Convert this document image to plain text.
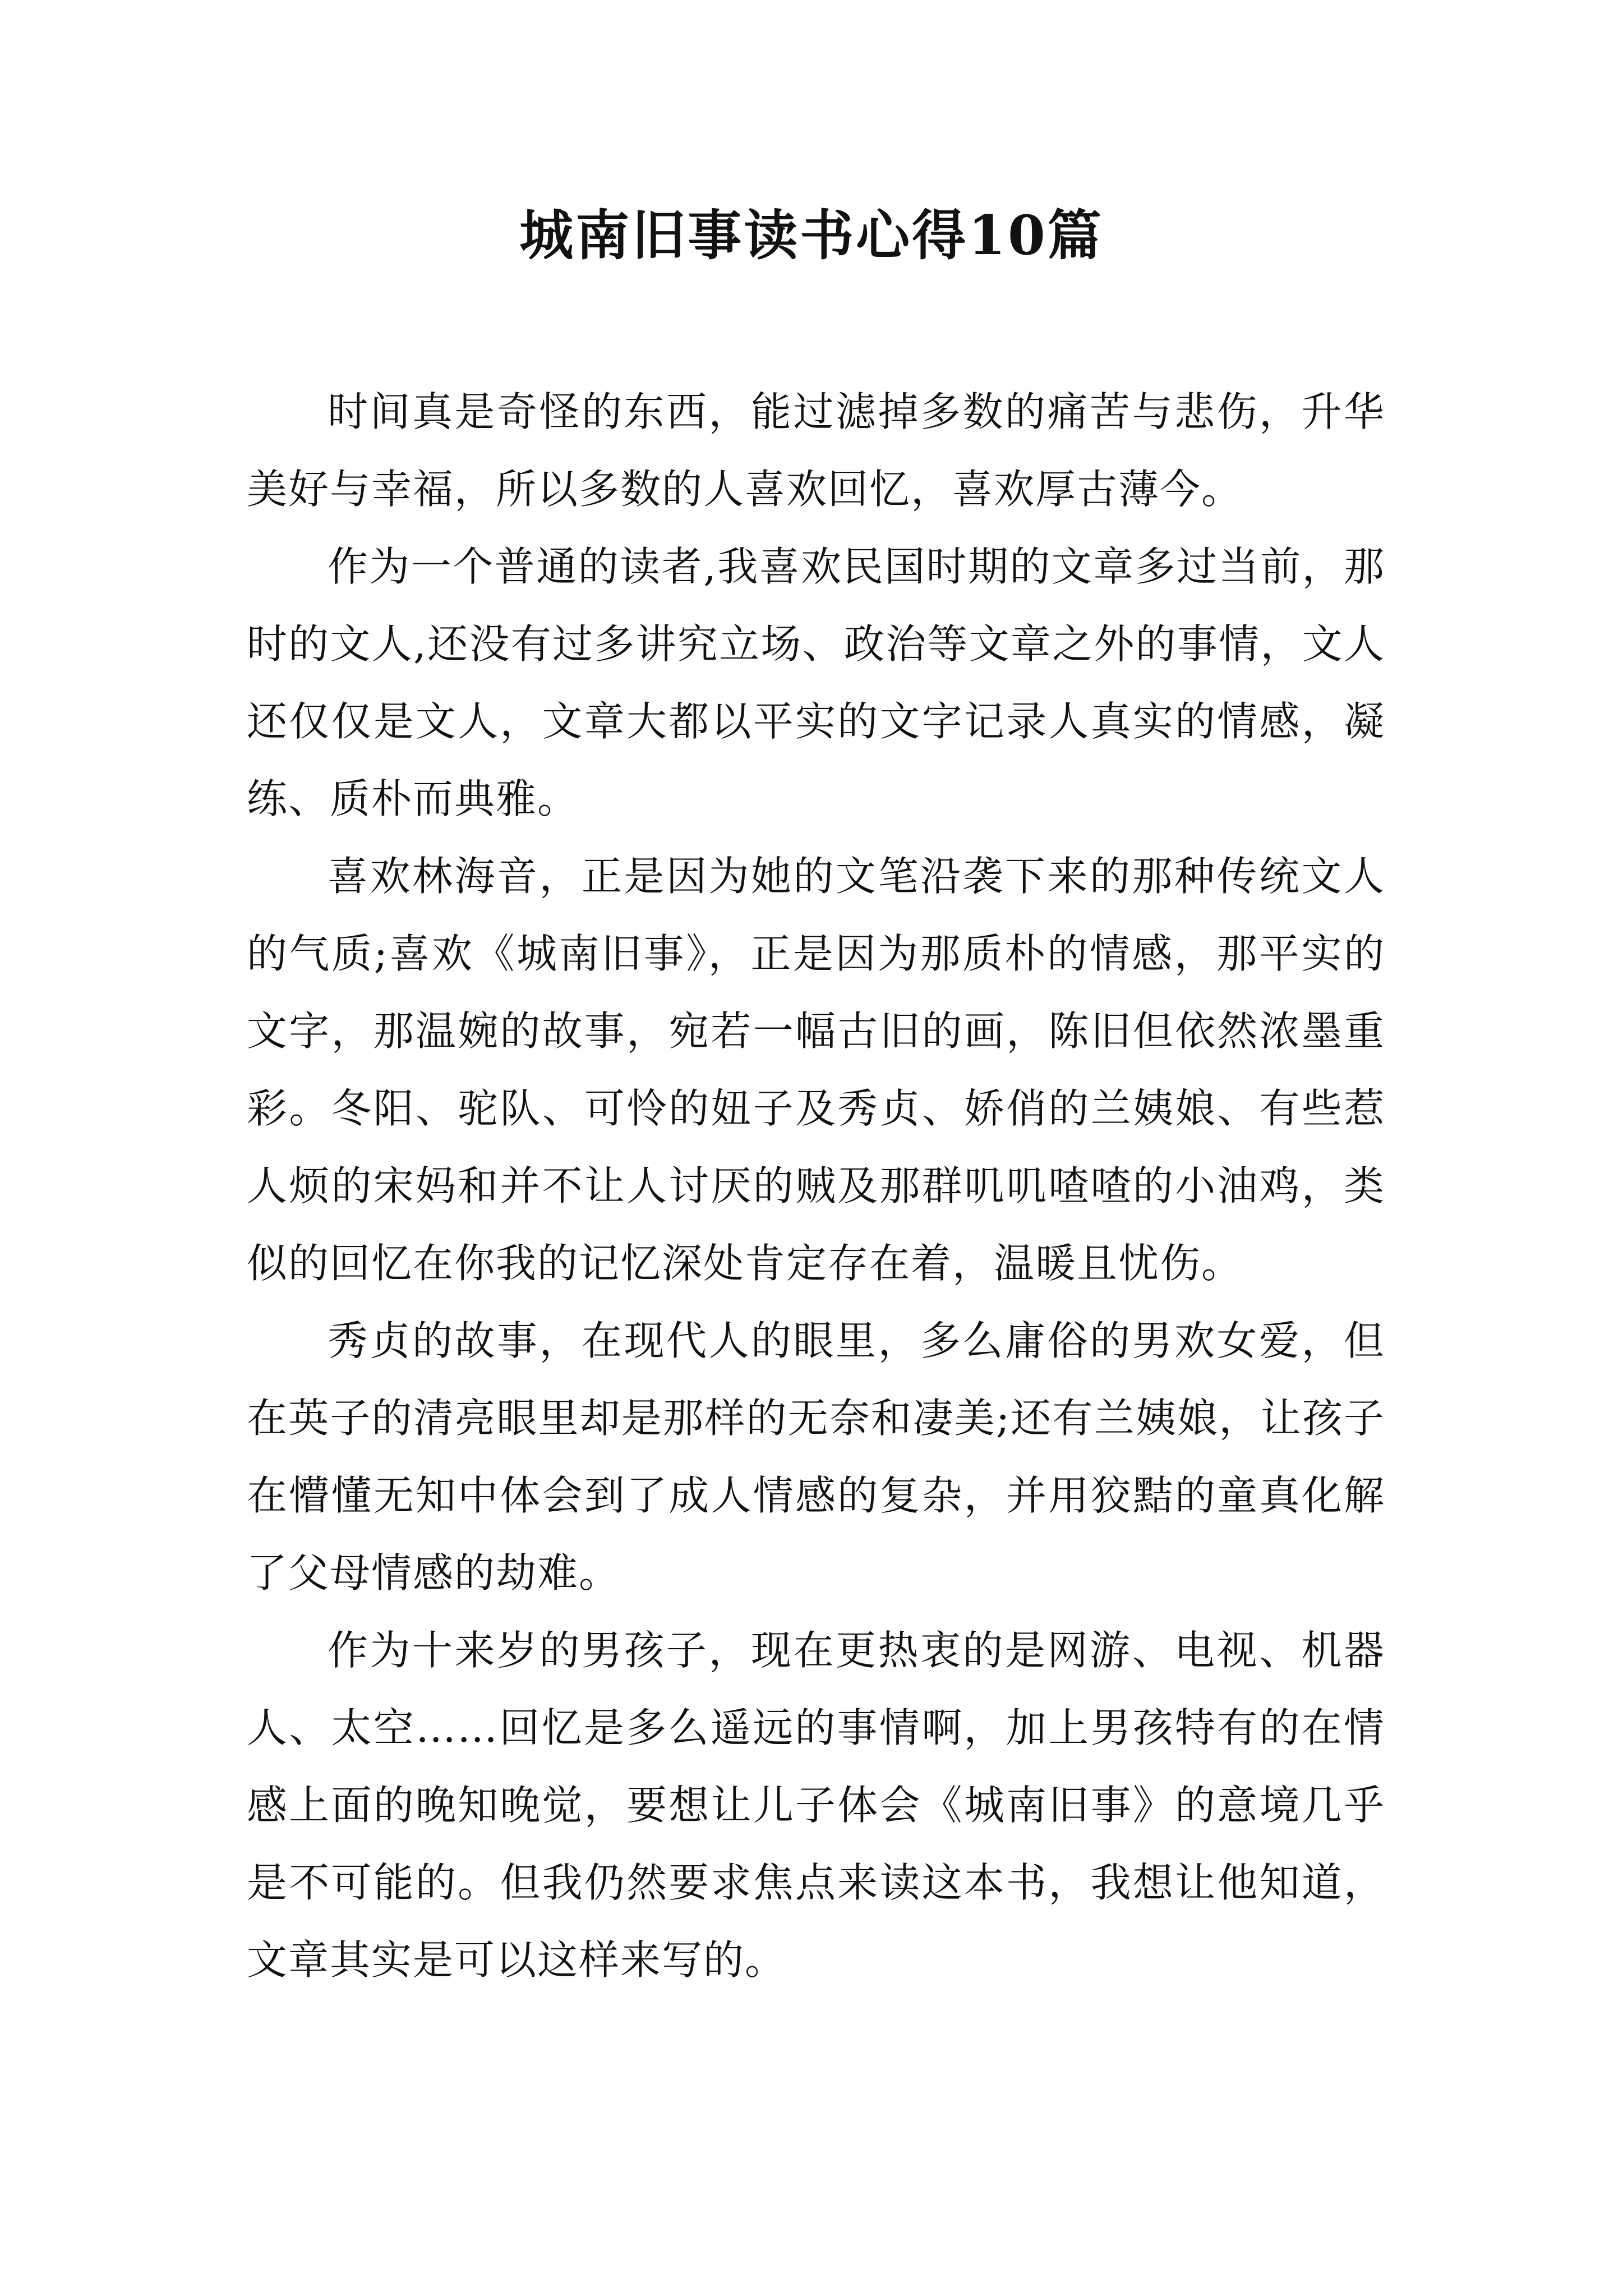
城南旧事读书心得10篇

时间真是奇怪的东西，能过滤掉多数的痛苦与悲伤，升华美好与幸福，所以多数的人喜欢回忆，喜欢厚古薄今。

作为一个普通的读者,我喜欢民国时期的文章多过当前，那时的文人,还没有过多讲究立场、政治等文章之外的事情，文人还仅仅是文人，文章大都以平实的文字记录人真实的情感，凝练、质朴而典雅。

喜欢林海音，正是因为她的文笔沿袭下来的那种传统文人的气质;喜欢《城南旧事》，正是因为那质朴的情感，那平实的文字，那温婉的故事，宛若一幅古旧的画，陈旧但依然浓墨重彩。冬阳、驼队、可怜的妞子及秀贞、娇俏的兰姨娘、有些惹人烦的宋妈和并不让人讨厌的贼及那群叽叽喳喳的小油鸡，类似的回忆在你我的记忆深处肯定存在着，温暖且忧伤。

秀贞的故事，在现代人的眼里，多么庸俗的男欢女爱，但在英子的清亮眼里却是那样的无奈和凄美;还有兰姨娘，让孩子在懵懂无知中体会到了成人情感的复杂，并用狡黠的童真化解了父母情感的劫难。

作为十来岁的男孩子，现在更热衷的是网游、电视、机器人、太空……回忆是多么遥远的事情啊，加上男孩特有的在情感上面的晚知晚觉，要想让儿子体会《城南旧事》的意境几乎是不可能的。但我仍然要求焦点来读这本书，我想让他知道，文章其实是可以这样来写的。
